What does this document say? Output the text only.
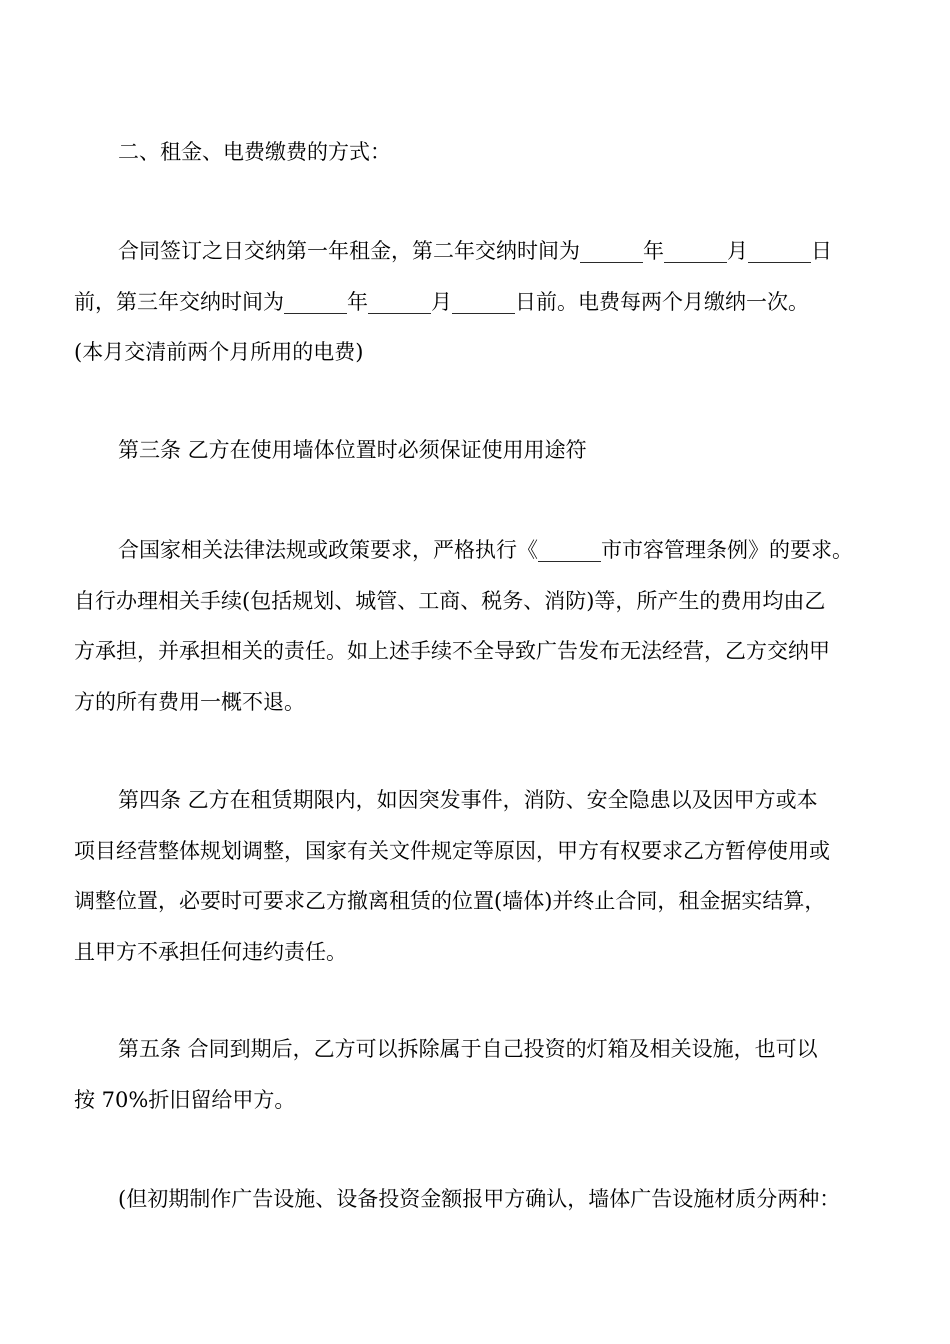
二、租金、电费缴费的方式：

合同签订之日交纳第一年租金，第二年交纳时间为______年______月______日
前，第三年交纳时间为______年______月______日前。电费每两个月缴纳一次。
(本月交清前两个月所用的电费)

第三条 乙方在使用墙体位置时必须保证使用用途符

合国家相关法律法规或政策要求，严格执行《______市市容管理条例》的要求。
自行办理相关手续(包括规划、城管、工商、税务、消防)等，所产生的费用均由乙
方承担，并承担相关的责任。如上述手续不全导致广告发布无法经营，乙方交纳甲
方的所有费用一概不退。

第四条 乙方在租赁期限内，如因突发事件，消防、安全隐患以及因甲方或本
项目经营整体规划调整，国家有关文件规定等原因，甲方有权要求乙方暂停使用或
调整位置，必要时可要求乙方撤离租赁的位置(墙体)并终止合同，租金据实结算，
且甲方不承担任何违约责任。

第五条 合同到期后，乙方可以拆除属于自己投资的灯箱及相关设施，也可以
按 70%折旧留给甲方。

(但初期制作广告设施、设备投资金额报甲方确认，墙体广告设施材质分两种：
